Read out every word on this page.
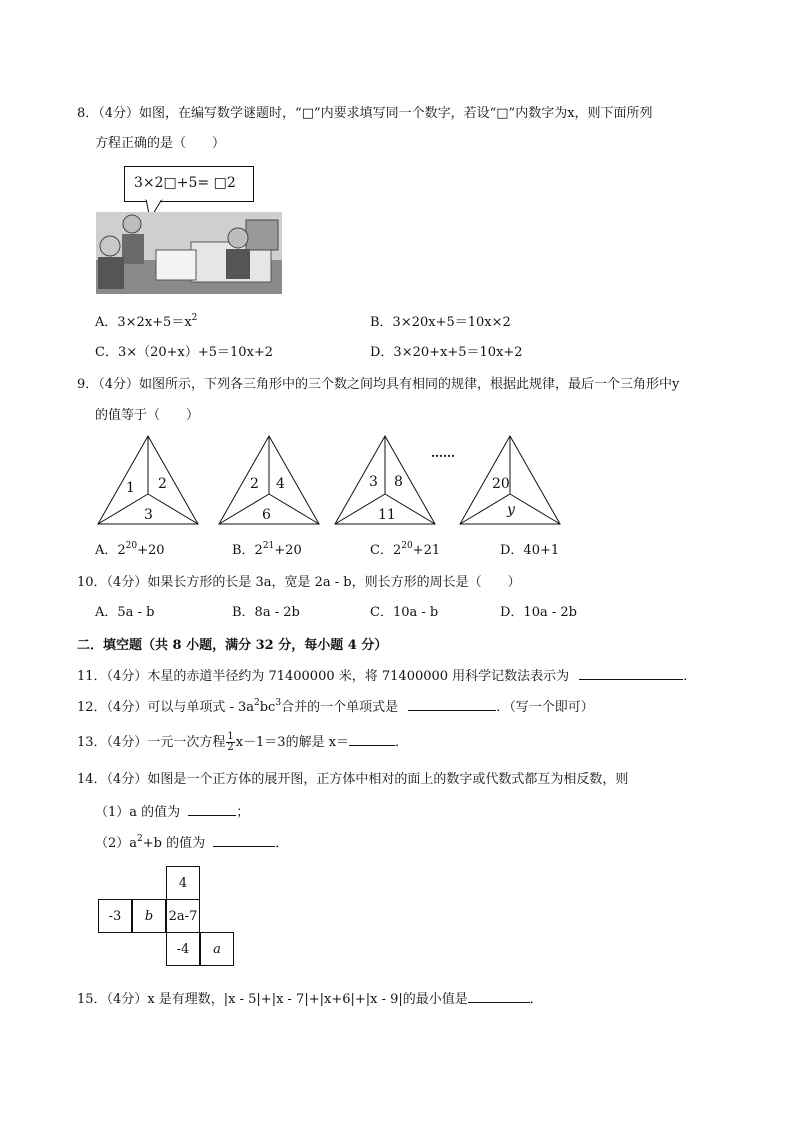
8．（4分）如图，在编写数学谜题时，“□”内要求填写同一个数字，若设“□”内数字为x，则下面所列
方程正确的是（　　）
3×2□+5= □2
A．$3\times 2x+5=x^2$	B．3×20x+5＝10x×2
C．3×（20+x）+5＝10x+2	D．3×20+x+5＝10x+2
9．（4分）如图所示，下列各三角形中的三个数之间均具有相同的规律，根据此规律，最后一个三角形中y
的值等于（　　）
1 2
3
2 4
6
3 8
11
……
20
y
A．$2^{20}+20$	B．$2^{21}+20$	C．$2^{20}+21$	D．40+1
10．（4分）如果长方形的长是 3a，宽是 2a - b，则长方形的周长是（　　）
A．5a - b	B．8a - 2b	C．10a - b	D．10a - 2b
二．填空题（共 8 小题，满分 32 分，每小题 4 分）
11．（4分）木星的赤道半径约为 71400000 米，将 71400000 用科学记数法表示为	．
12．（4分）可以与单项式 - $3a^2bc^3$合并的一个单项式是	．（写一个即可）
13．（4分）一元一次方程 $\frac{1}{2} x-1=3$的解是 x＝	．
14．（4分）如图是一个正方体的展开图，正方体中相对的面上的数字或代数式都互为相反数，则
（1）a 的值为	；
$(2)a^2+b$ 的值为	．
4
-3	b	2a-7
-4	a
15．（4分）x 是有理数，|x - 5|+|x - 7|+|x+6|+|x - 9|的最小值是	．
